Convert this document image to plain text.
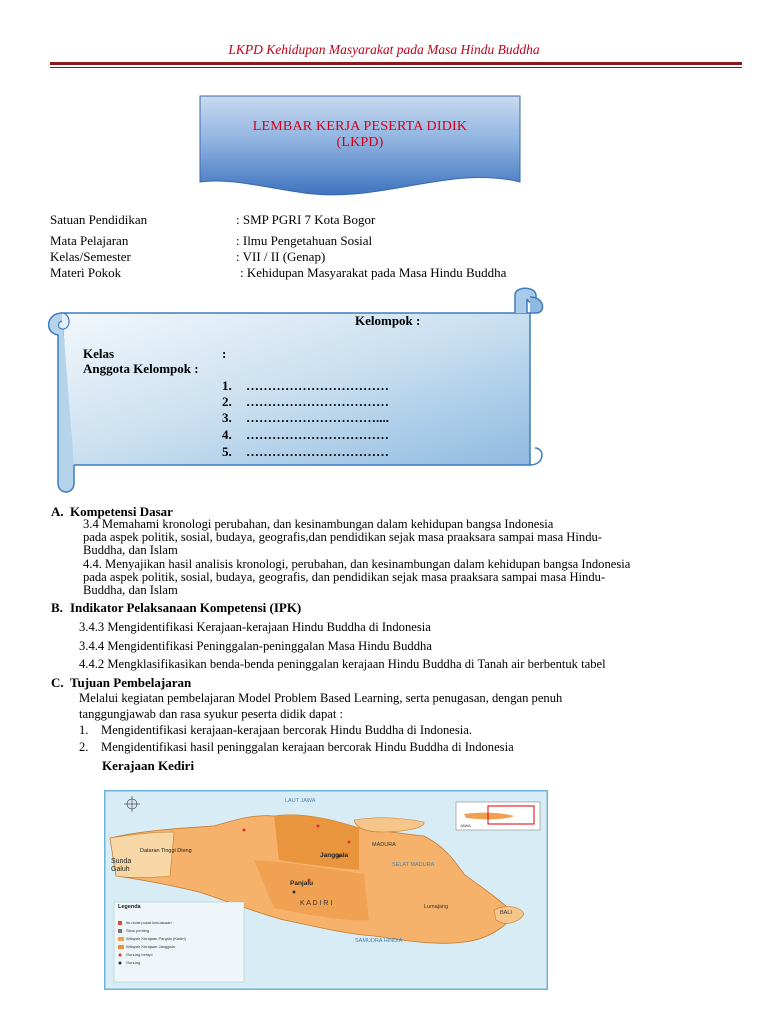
LKPD Kehidupan Masyarakat pada Masa Hindu Buddha
LEMBAR KERJA PESERTA DIDIK
(LKPD)
Satuan Pendidikan	: SMP PGRI 7 Kota Bogor
Mata Pelajaran	: Ilmu Pengetahuan Sosial
Kelas/Semester	: VII / II (Genap)
Materi Pokok	: Kehidupan Masyarakat pada Masa Hindu Buddha
Kelompok :
Kelas	:
Anggota Kelompok :
1. ……………………………
2. ……………………………
3. …………………………....
4. ……………………………
5. ……………………………
A. Kompetensi Dasar
3.4 Memahami kronologi perubahan, dan kesinambungan dalam kehidupan bangsa Indonesia
pada aspek politik, sosial, budaya, geografis,dan pendidikan sejak masa praaksara sampai masa Hindu-
Buddha, dan Islam
4.4. Menyajikan hasil analisis kronologi, perubahan, dan kesinambungan dalam kehidupan bangsa Indonesia
pada aspek politik, sosial, budaya, geografis, dan pendidikan sejak masa praaksara sampai masa Hindu-
Buddha, dan Islam
B. Indikator Pelaksanaan Kompetensi (IPK)
3.4.3 Mengidentifikasi Kerajaan-kerajaan Hindu Buddha di Indonesia
3.4.4 Mengidentifikasi Peninggalan-peninggalan Masa Hindu Buddha
4.4.2 Mengklasifikasikan benda-benda peninggalan kerajaan Hindu Buddha di Tanah air berbentuk tabel
C. Tujuan Pembelajaran
Melalui kegiatan pembelajaran Model Problem Based Learning, serta penugasan, dengan penuh
tanggungjawab dan rasa syukur peserta didik dapat :
1. Mengidentifikasi kerajaan-kerajaan bercorak Hindu Buddha di Indonesia.
2. Mengidentifikasi hasil peninggalan kerajaan bercorak Hindu Buddha di Indonesia
Kerajaan Kediri
LAUT JAWA
SAMUDRA HINDIA
SELAT MADURA
Sunda
Galuh
Janggala
Panjalu
K A D I R I
MADURA
BALI
Lumajang
Dataran Tinggi Dieng
JAWA
Legenda
Ibu kota pusat kekuasaan
Situs penting
Wilayah Kerajaan Panjalu (Kadiri)
Wilayah Kerajaan Janggala
Gunung berapi
Gunung
